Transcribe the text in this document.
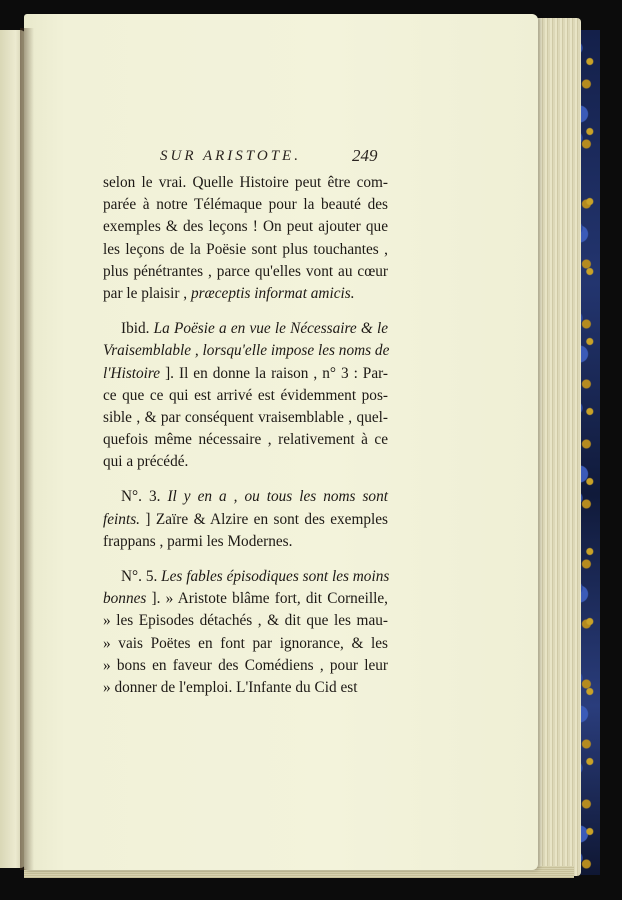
SUR ARISTOTE.	249
selon le vrai. Quelle Histoire peut être com-
parée à notre Télémaque pour la beauté des
exemples & des leçons ! On peut ajouter que
les leçons de la Poësie sont plus touchantes ,
plus pénétrantes , parce qu'elles vont au cœur
par le plaisir , præceptis informat amicis.
Ibid. La Poësie a en vue le Nécessaire & le
Vraisemblable , lorsqu'elle impose les noms de
l'Histoire ]. Il en donne la raison , n° 3 : Par-
ce que ce qui est arrivé est évidemment pos-
sible , & par conséquent vraisemblable , quel-
quefois même nécessaire , relativement à ce
qui a précédé.
N°. 3. Il y en a , ou tous les noms sont
feints. ] Zaïre & Alzire en sont des exemples
frappans , parmi les Modernes.
N°. 5. Les fables épisodiques sont les moins
bonnes ]. » Aristote blâme fort, dit Corneille,
» les Episodes détachés , & dit que les mau-
» vais Poëtes en font par ignorance, & les
» bons en faveur des Comédiens , pour leur
» donner de l'emploi. L'Infante du Cid est
